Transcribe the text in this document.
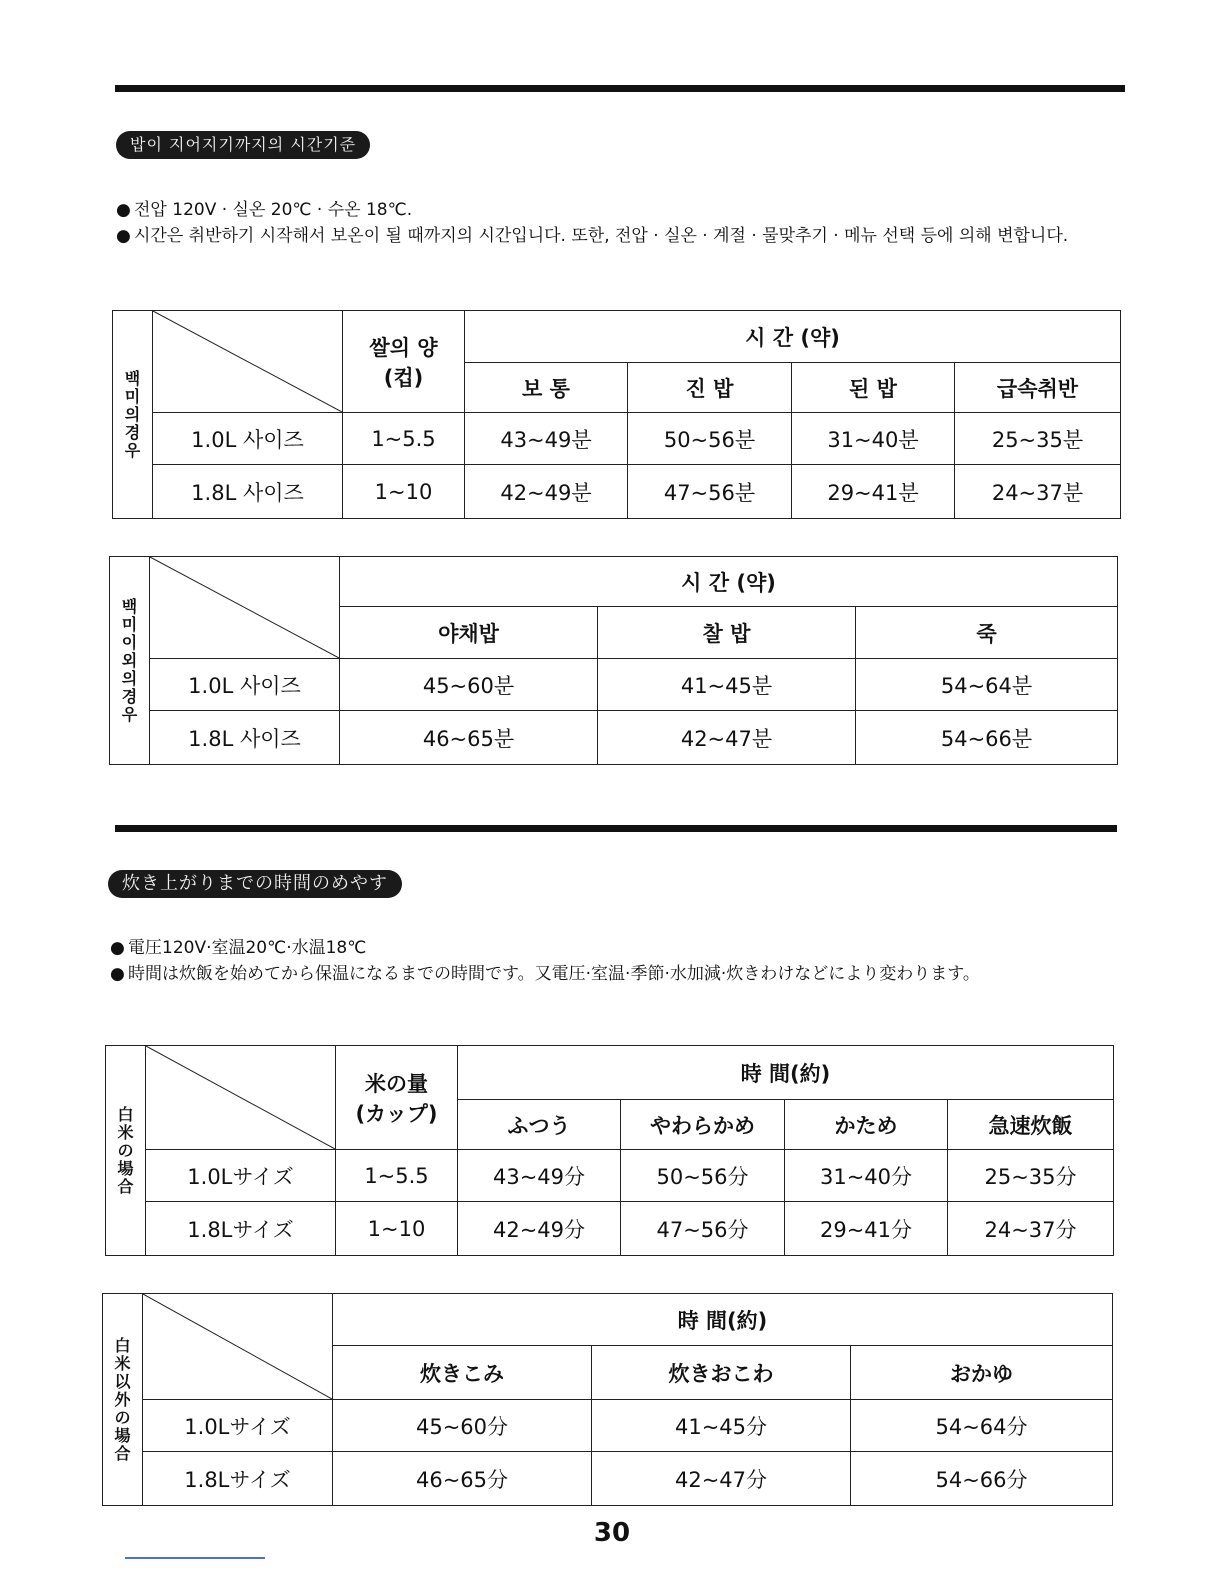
밥이 지어지기까지의 시간기준
● 전압 120V · 실온 20℃ · 수온 18℃.
● 시간은 취반하기 시작해서 보온이 될 때까지의 시간입니다. 또한, 전압 · 실온 · 계절 · 물맞추기 · 메뉴 선택 등에 의해 변합니다.
백미의 경우		쌀의 양
(컵)	시 간 (약)			
			보 통	진 밥	된 밥	급속취반
	1.0L 사이즈	1~5.5	43~49분	50~56분	31~40분	25~35분
	1.8L 사이즈	1~10	42~49분	47~56분	29~41분	24~37분
백미 이외의 경우		시 간 (약)		
		야채밥	찰 밥	죽
	1.0L 사이즈	45~60분	41~45분	54~64분
	1.8L 사이즈	46~65분	42~47분	54~66분
炊き上がりまでの時間のめやす
● 電圧120V·室温20℃·水温18℃
● 時間は炊飯を始めてから保温になるまでの時間です。又電圧·室温·季節·水加減·炊きわけなどにより変わります。
白米の場合		米の量
(カップ)	時 間(約)			
			ふつう	やわらかめ	かため	急速炊飯
	1.0Lサイズ	1~5.5	43~49分	50~56分	31~40分	25~35分
	1.8Lサイズ	1~10	42~49分	47~56分	29~41分	24~37分
白米以外の場合		時 間(約)		
		炊きこみ	炊きおこわ	おかゆ
	1.0Lサイズ	45~60分	41~45分	54~64分
	1.8Lサイズ	46~65分	42~47分	54~66分
30
